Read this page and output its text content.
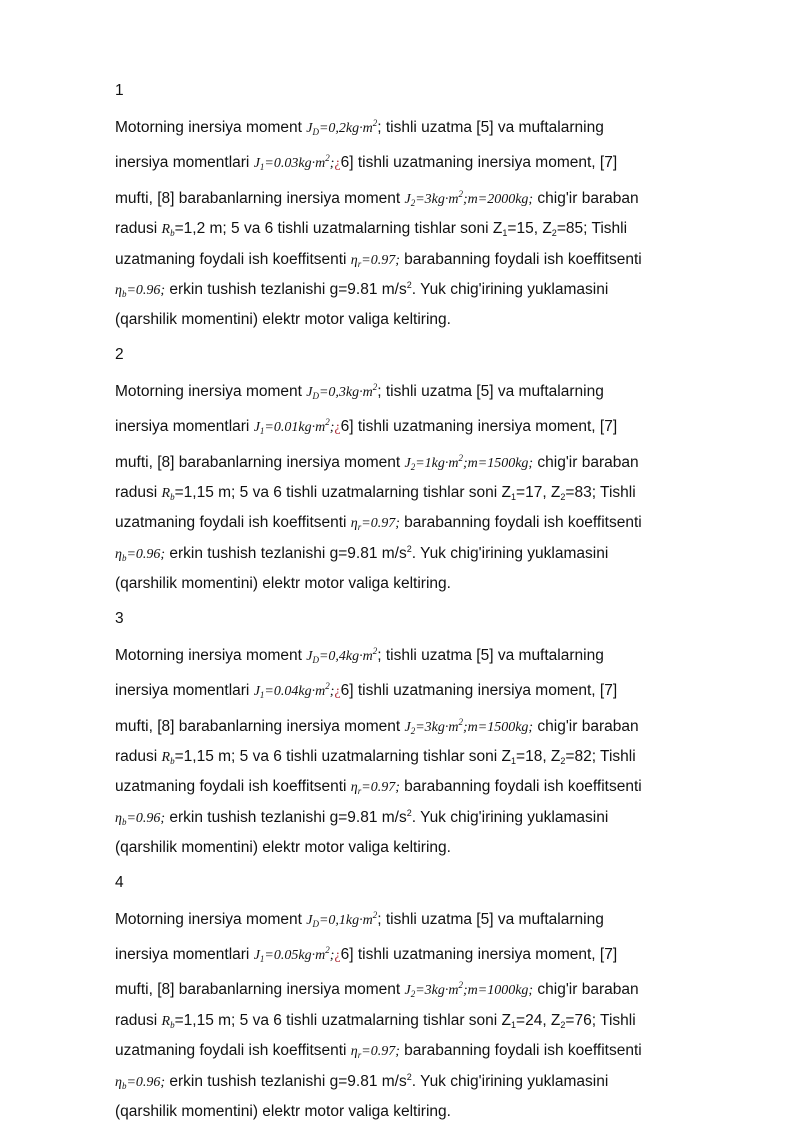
1
Motorning inersiya moment $J_D=0,2kg\cdot m^2$; tishli uzatma [5] va muftalarning
inersiya momentlari $J_1=0.03kg\cdot m^2;¿6$] tishli uzatmaning inersiya moment, [7]
mufti, [8] barabanlarning inersiya moment $J_2=3kg\cdot m^2;m=2000kg$; chig'ir baraban
radusi $R_b=1,2$ m; 5 va 6 tishli uzatmalarning tishlar soni $Z_1=15$, $Z_2=85$; Tishli
uzatmaning foydali ish koeffitsenti $\eta_r=0.97$; barabanning foydali ish koeffitsenti
$\eta_b=0.96$; erkin tushish tezlanishi g=9.81 $m/s^2$. Yuk chig'irining yuklamasini
(qarshilik momentini) elektr motor valiga keltiring.
2
Motorning inersiya moment $J_D=0,3kg\cdot m^2$; tishli uzatma [5] va muftalarning
inersiya momentlari $J_1=0.01kg\cdot m^2;¿6$] tishli uzatmaning inersiya moment, [7]
mufti, [8] barabanlarning inersiya moment $J_2=1kg\cdot m^2;m=1500kg$; chig'ir baraban
radusi $R_b=1,15$ m; 5 va 6 tishli uzatmalarning tishlar soni $Z_1=17$, $Z_2=83$; Tishli
uzatmaning foydali ish koeffitsenti $\eta_r=0.97$; barabanning foydali ish koeffitsenti
$\eta_b=0.96$; erkin tushish tezlanishi g=9.81 $m/s^2$. Yuk chig'irining yuklamasini
(qarshilik momentini) elektr motor valiga keltiring.
3
Motorning inersiya moment $J_D=0,4kg\cdot m^2$; tishli uzatma [5] va muftalarning
inersiya momentlari $J_1=0.04kg\cdot m^2;¿6$] tishli uzatmaning inersiya moment, [7]
mufti, [8] barabanlarning inersiya moment $J_2=3kg\cdot m^2;m=1500kg$; chig'ir baraban
radusi $R_b=1,15$ m; 5 va 6 tishli uzatmalarning tishlar soni $Z_1=18$, $Z_2=82$; Tishli
uzatmaning foydali ish koeffitsenti $\eta_r=0.97$; barabanning foydali ish koeffitsenti
$\eta_b=0.96$; erkin tushish tezlanishi g=9.81 $m/s^2$. Yuk chig'irining yuklamasini
(qarshilik momentini) elektr motor valiga keltiring.
4
Motorning inersiya moment $J_D=0,1kg\cdot m^2$; tishli uzatma [5] va muftalarning
inersiya momentlari $J_1=0.05kg\cdot m^2;¿6$] tishli uzatmaning inersiya moment, [7]
mufti, [8] barabanlarning inersiya moment $J_2=3kg\cdot m^2;m=1000kg$; chig'ir baraban
radusi $R_b=1,15$ m; 5 va 6 tishli uzatmalarning tishlar soni $Z_1=24$, $Z_2=76$; Tishli
uzatmaning foydali ish koeffitsenti $\eta_r=0.97$; barabanning foydali ish koeffitsenti
$\eta_b=0.96$; erkin tushish tezlanishi g=9.81 $m/s^2$. Yuk chig'irining yuklamasini
(qarshilik momentini) elektr motor valiga keltiring.
